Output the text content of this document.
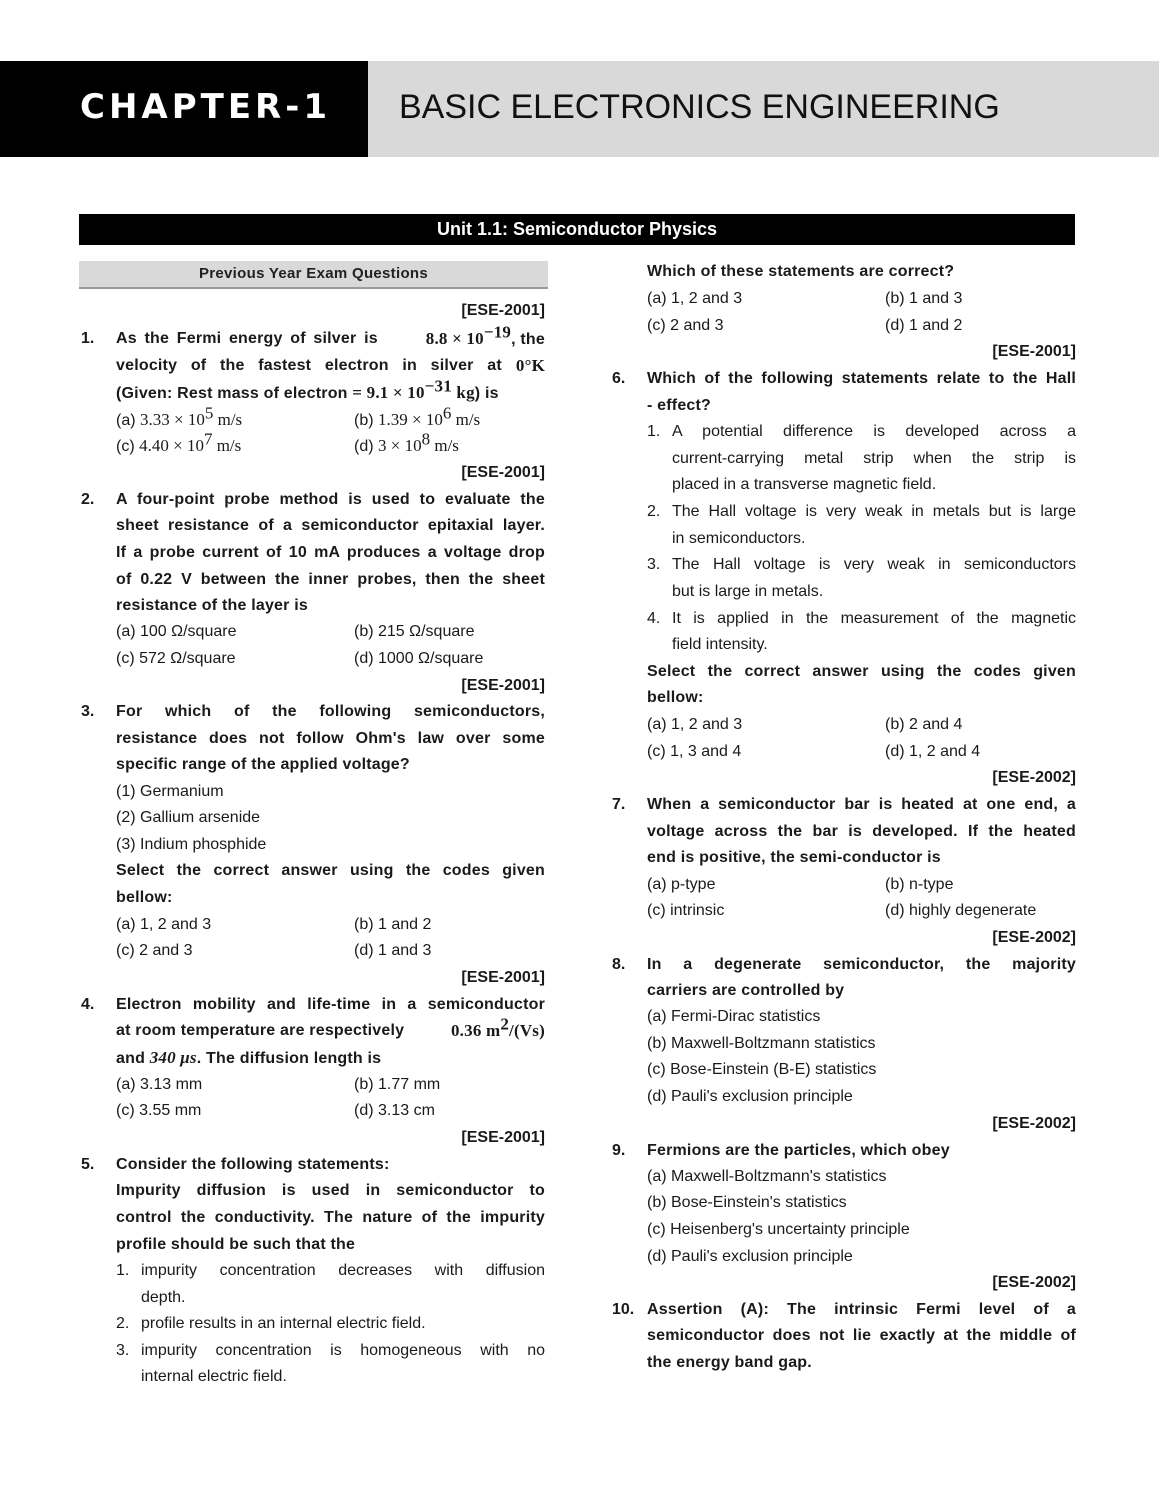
CHAPTER-1 BASIC ELECTRONICS ENGINEERING
Unit 1.1: Semiconductor Physics
Previous Year Exam Questions
[ESE-2001]
1. As the Fermi energy of silver is	$8.8 \times 10^{-19}$, the
velocity of the fastest electron in silver at 0°K
(Given: Rest mass of electron = $9.1 \times 10^{-31}$ kg) is
(a) $3.33 \times 10^5$ m/s	(b) $1.39 \times 10^6$ m/s
(c) $4.40 \times 10^7$ m/s	(d) $3 \times 10^8$ m/s
[ESE-2001]
2. A four-point probe method is used to evaluate the
sheet resistance of a semiconductor epitaxial layer.
If a probe current of 10 mA produces a voltage drop
of 0.22 V between the inner probes, then the sheet
resistance of the layer is
(a) 100 Ω/square	(b) 215 Ω/square
(c) 572 Ω/square	(d) 1000 Ω/square
[ESE-2001]
3. For which of the following semiconductors,
resistance does not follow Ohm's law over some
specific range of the applied voltage?
(1) Germanium
(2) Gallium arsenide
(3) Indium phosphide
Select the correct answer using the codes given
bellow:
(a) 1, 2 and 3	(b) 1 and 2
(c) 2 and 3	(d) 1 and 3
[ESE-2001]
4. Electron mobility and life-time in a semiconductor
at room temperature are respectively	0.36 $m^2/(Vs)$
and 340 μs. The diffusion length is
(a) 3.13 mm	(b) 1.77 mm
(c) 3.55 mm	(d) 3.13 cm
[ESE-2001]
5. Consider the following statements:
Impurity diffusion is used in semiconductor to
control the conductivity. The nature of the impurity
profile should be such that the
1. impurity concentration decreases with diffusion
depth.
2. profile results in an internal electric field.
3. impurity concentration is homogeneous with no
internal electric field.
Which of these statements are correct?
(a) 1, 2 and 3	(b) 1 and 3
(c) 2 and 3	(d) 1 and 2
[ESE-2001]
6. Which of the following statements relate to the Hall
- effect?
1. A potential difference is developed across a
current-carrying metal strip when the strip is
placed in a transverse magnetic field.
2. The Hall voltage is very weak in metals but is large
in semiconductors.
3. The Hall voltage is very weak in semiconductors
but is large in metals.
4. It is applied in the measurement of the magnetic
field intensity.
Select the correct answer using the codes given
bellow:
(a) 1, 2 and 3	(b) 2 and 4
(c) 1, 3 and 4	(d) 1, 2 and 4
[ESE-2002]
7. When a semiconductor bar is heated at one end, a
voltage across the bar is developed. If the heated
end is positive, the semi-conductor is
(a) p-type	(b) n-type
(c) intrinsic	(d) highly degenerate
[ESE-2002]
8. In a degenerate semiconductor, the majority
carriers are controlled by
(a) Fermi-Dirac statistics
(b) Maxwell-Boltzmann statistics
(c) Bose-Einstein (B-E) statistics
(d) Pauli's exclusion principle
[ESE-2002]
9. Fermions are the particles, which obey
(a) Maxwell-Boltzmann's statistics
(b) Bose-Einstein's statistics
(c) Heisenberg's uncertainty principle
(d) Pauli's exclusion principle
[ESE-2002]
10. Assertion (A): The intrinsic Fermi level of a
semiconductor does not lie exactly at the middle of
the energy band gap.
